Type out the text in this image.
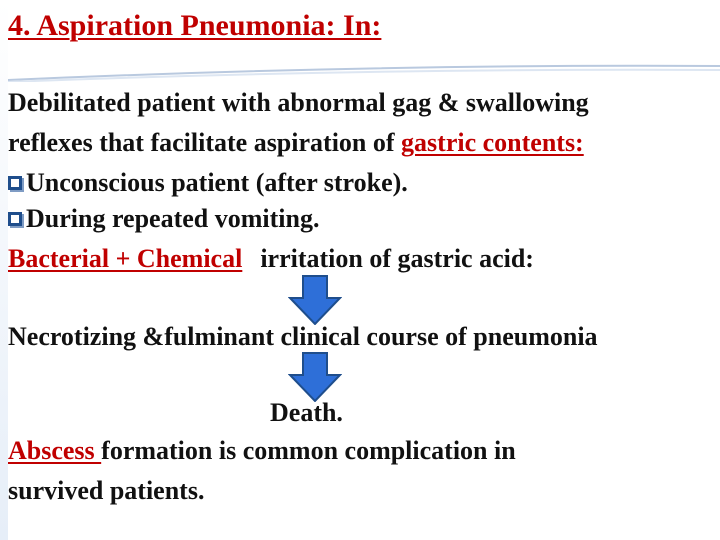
4. Aspiration Pneumonia: In:
Debilitated patient with abnormal gag & swallowing
reflexes that facilitate aspiration of gastric contents:
Unconscious patient (after stroke).
During repeated vomiting.
Bacterial + Chemical irritation of gastric acid:
Necrotizing &fulminant clinical course of pneumonia
Death.
Abscess formation is common complication in
survived patients.
